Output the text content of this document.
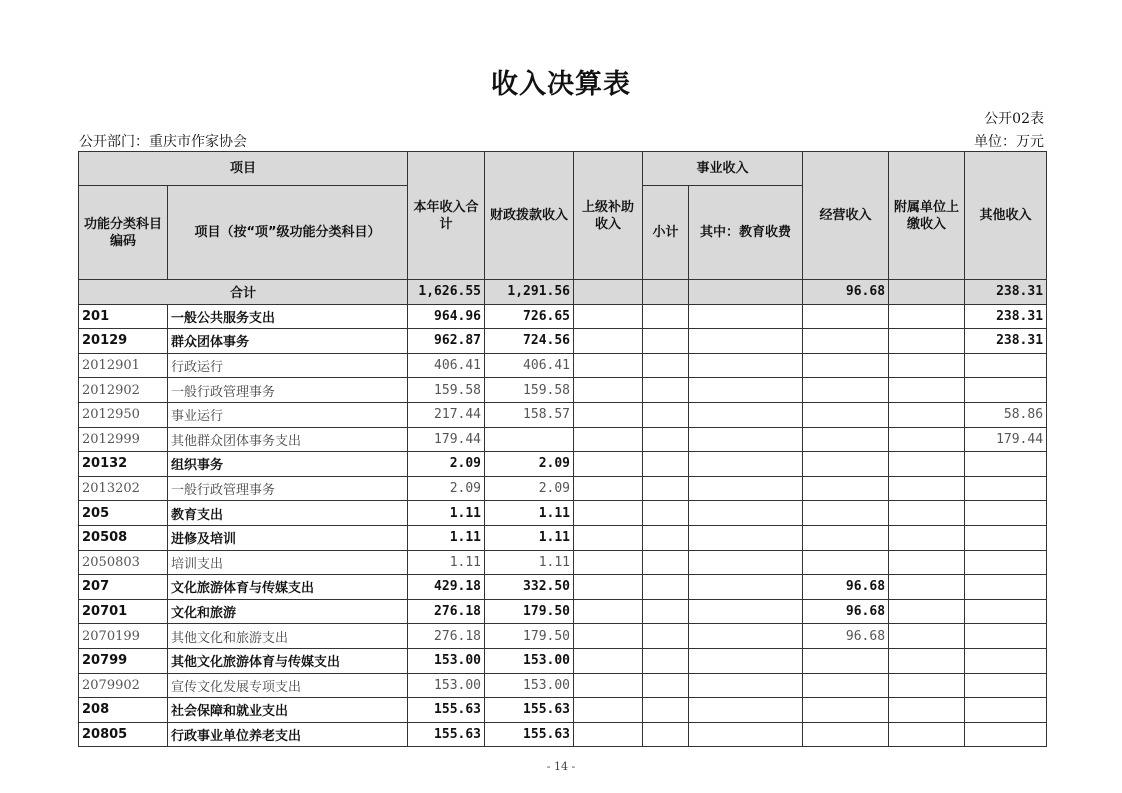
收入决算表
公开02表
公开部门：重庆市作家协会	单位：万元
项目		本年收入合计	财政拨款收入	上级补助收入	事业收入		经营收入	附属单位上缴收入	其他收入
功能分类科目编码	项目（按“项”级功能分类科目）				小计	其中：教育收费			
合计		1,626.55	1,291.56				96.68		238.31
201	一般公共服务支出	964.96	726.65						238.31
20129	群众团体事务	962.87	724.56						238.31
2012901	行政运行	406.41	406.41						
2012902	一般行政管理事务	159.58	159.58						
2012950	事业运行	217.44	158.57						58.86
2012999	其他群众团体事务支出	179.44							179.44
20132	组织事务	2.09	2.09						
2013202	一般行政管理事务	2.09	2.09						
205	教育支出	1.11	1.11						
20508	进修及培训	1.11	1.11						
2050803	培训支出	1.11	1.11						
207	文化旅游体育与传媒支出	429.18	332.50				96.68		
20701	文化和旅游	276.18	179.50				96.68		
2070199	其他文化和旅游支出	276.18	179.50				96.68		
20799	其他文化旅游体育与传媒支出	153.00	153.00						
2079902	宣传文化发展专项支出	153.00	153.00						
208	社会保障和就业支出	155.63	155.63						
20805	行政事业单位养老支出	155.63	155.63						
- 14 -
